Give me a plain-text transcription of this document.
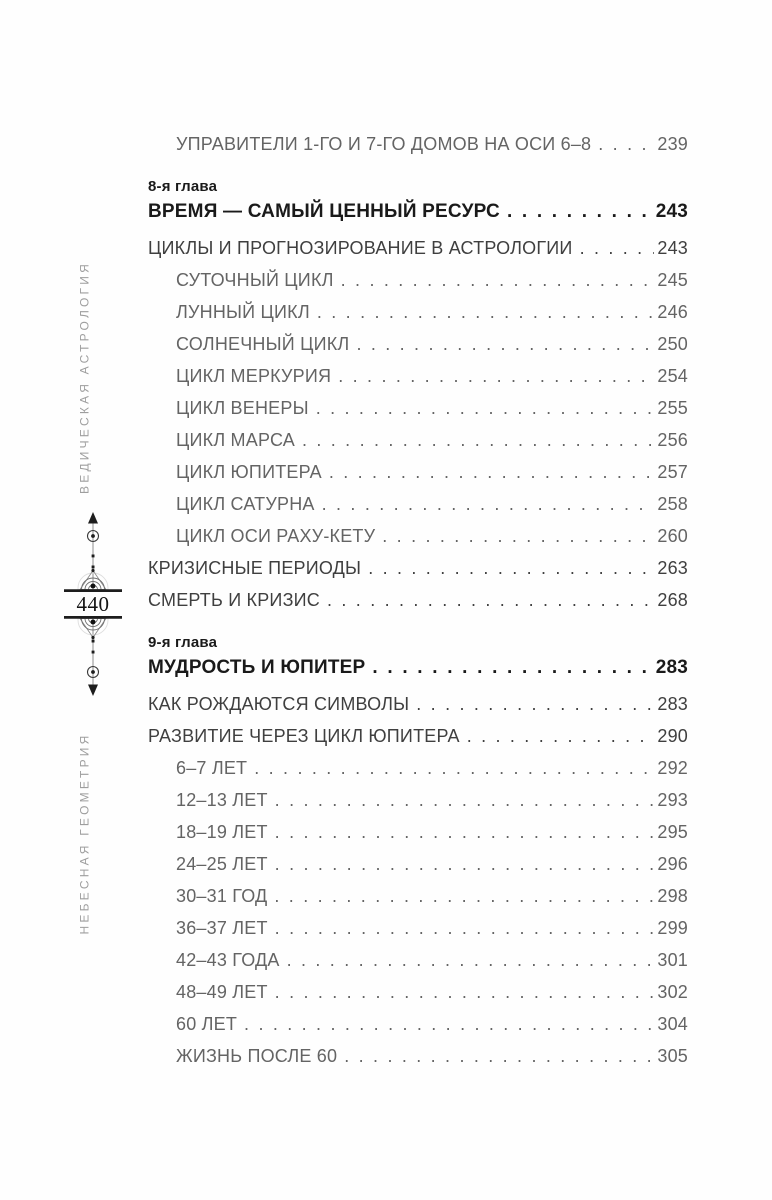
ВЕДИЧЕСКАЯ АСТРОЛОГИЯ
НЕБЕСНАЯ ГЕОМЕТРИЯ
440
УПРАВИТЕЛИ 1-ГО И 7-ГО ДОМОВ НА ОСИ 6–8 . . .	239
8-я глава
ВРЕМЯ — САМЫЙ ЦЕННЫЙ РЕСУРС . . .	243
ЦИКЛЫ И ПРОГНОЗИРОВАНИЕ В АСТРОЛОГИИ . . .	243
СУТОЧНЫЙ ЦИКЛ . . .	245
ЛУННЫЙ ЦИКЛ . . .	246
СОЛНЕЧНЫЙ ЦИКЛ . . .	250
ЦИКЛ МЕРКУРИЯ . . .	254
ЦИКЛ ВЕНЕРЫ . . .	255
ЦИКЛ МАРСА . . .	256
ЦИКЛ ЮПИТЕРА . . .	257
ЦИКЛ САТУРНА . . .	258
ЦИКЛ ОСИ РАХУ-КЕТУ . . .	260
КРИЗИСНЫЕ ПЕРИОДЫ . . .	263
СМЕРТЬ И КРИЗИС . . .	268
9-я глава
МУДРОСТЬ И ЮПИТЕР . . .	283
КАК РОЖДАЮТСЯ СИМВОЛЫ . . .	283
РАЗВИТИЕ ЧЕРЕЗ ЦИКЛ ЮПИТЕРА . . .	290
6–7 ЛЕТ . . .	292
12–13 ЛЕТ . . .	293
18–19 ЛЕТ . . .	295
24–25 ЛЕТ . . .	296
30–31 ГОД . . .	298
36–37 ЛЕТ . . .	299
42–43 ГОДА . . .	301
48–49 ЛЕТ . . .	302
60 ЛЕТ . . .	304
ЖИЗНЬ ПОСЛЕ 60 . . .	305
